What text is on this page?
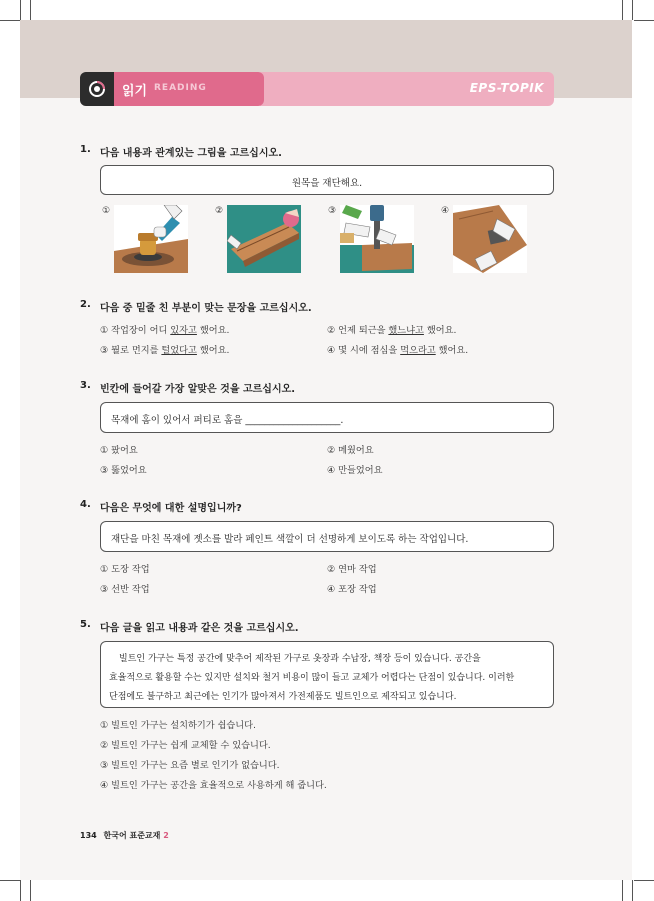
EPS-TOPIK
읽기 READING
1. 다음 내용과 관계있는 그림을 고르십시오.
원목을 재단해요.
①	②	③	④
2. 다음 중 밑줄 친 부분이 맞는 문장을 고르십시오.
① 작업장이 어디 있자고 했어요.	② 언제 퇴근을 했느냐고 했어요.
③ 뭘로 먼지를 털었다고 했어요.	④ 몇 시에 점심을 먹으라고 했어요.
3. 빈칸에 들어갈 가장 알맞은 것을 고르십시오.
목재에 홈이 있어서 퍼티로 홈을 ____________________.
① 팠어요	② 메웠어요
③ 뚫었어요	④ 만들었어요
4. 다음은 무엇에 대한 설명입니까?
재단을 마친 목재에 젯소를 발라 페인트 색깔이 더 선명하게 보이도록 하는 작업입니다.
① 도장 작업	② 연마 작업
③ 선반 작업	④ 포장 작업
5. 다음 글을 읽고 내용과 같은 것을 고르십시오.
빌트인 가구는 특정 공간에 맞추어 제작된 가구로 옷장과 수납장, 책장 등이 있습니다. 공간을
효율적으로 활용할 수는 있지만 설치와 철거 비용이 많이 들고 교체가 어렵다는 단점이 있습니다. 이러한
단점에도 불구하고 최근에는 인기가 많아져서 가전제품도 빌트인으로 제작되고 있습니다.
① 빌트인 가구는 설치하기가 쉽습니다.
② 빌트인 가구는 쉽게 교체할 수 있습니다.
③ 빌트인 가구는 요즘 별로 인기가 없습니다.
④ 빌트인 가구는 공간을 효율적으로 사용하게 해 줍니다.
134 한국어 표준교재 2
